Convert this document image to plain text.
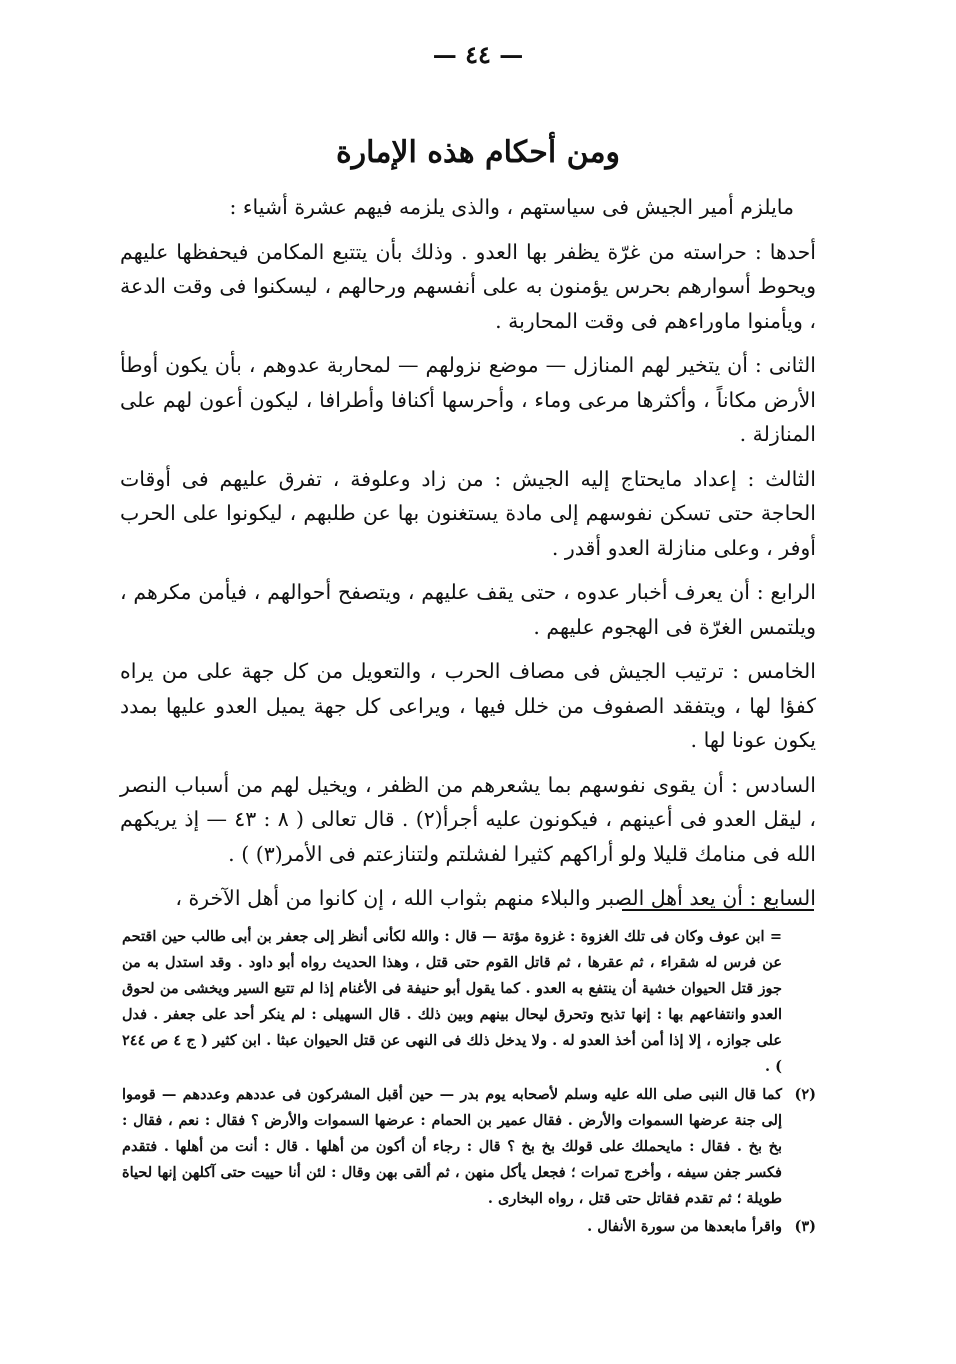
— ٤٤ —
ومن أحكام هذه الإمارة

مايلزم أمير الجيش فى سياستهم ، والذى يلزمه فيهم عشرة أشياء :

أحدها : حراسته من غرّة يظفر بها العدو . وذلك بأن يتتبع المكامن فيحفظها عليهم ويحوط أسوارهم بحرس يؤمنون به على أنفسهم ورحالهم ، ليسكنوا فى وقت الدعة ، ويأمنوا ماوراءهم فى وقت المحاربة .

الثانى : أن يتخير لهم المنازل — موضع نزولهم — لمحاربة عدوهم ، بأن يكون أوطأ الأرض مكاناً ، وأكثرها مرعى وماء ، وأحرسها أكنافا وأطرافا ، ليكون أعون لهم على المنازلة .

الثالث : إعداد مايحتاج إليه الجيش : من زاد وعلوفة ، تفرق عليهم فى أوقات الحاجة حتى تسكن نفوسهم إلى مادة يستغنون بها عن طلبهم ، ليكونوا على الحرب أوفر ، وعلى منازلة العدو أقدر .

الرابع : أن يعرف أخبار عدوه ، حتى يقف عليهم ، ويتصفح أحوالهم ، فيأمن مكرهم ، ويلتمس الغرّة فى الهجوم عليهم .

الخامس : ترتيب الجيش فى مصاف الحرب ، والتعويل من كل جهة على من يراه كفؤا لها ، ويتفقد الصفوف من خلل فيها ، ويراعى كل جهة يميل العدو عليها بمدد يكون عونا لها .

السادس : أن يقوى نفوسهم بما يشعرهم من الظفر ، ويخيل لهم من أسباب النصر ، ليقل العدو فى أعينهم ، فيكونون عليه أجرأ(٢) . قال تعالى ( ٨ : ٤٣ — إذ يريكهم الله فى منامك قليلا ولو أراكهم كثيرا لفشلتم ولتنازعتم فى الأمر(٣) ) .

السابع : أن يعد أهل الصبر والبلاء منهم بثواب الله ، إن كانوا من أهل الآخرة ،

= ابن عوف وكان فى تلك الغزوة : غزوة مؤتة — قال : والله لكأنى أنظر إلى جعفر بن أبى طالب حين اقتحم عن فرس له شقراء ، ثم عقرها ، ثم قاتل القوم حتى قتل ، وهذا الحديث رواه أبو داود . وقد استدل به من جوز قتل الحيوان خشية أن ينتفع به العدو . كما يقول أبو حنيفة فى الأغنام إذا لم تتبع السير ويخشى من لحوق العدو وانتفاعهم بها : إنها تذبح وتحرق ليحال بينهم وبين ذلك . قال السهيلى : لم ينكر أحد على جعفر . فدل على جوازه ، إلا إذا أمن أخذ العدو له . ولا يدخل ذلك فى النهى عن قتل الحيوان عبثا . ابن كثير ( ج ٤ ص ٢٤٤ ) .
(٢)
كما قال النبى صلى الله عليه وسلم لأصحابه يوم بدر — حين أقبل المشركون فى عددهم وعددهم — قوموا إلى جنة عرضها السموات والأرض . فقال عمير بن الحمام : عرضها السموات والأرض ؟ فقال : نعم ، فقال : بخ بخ . فقال : مايحملك على قولك بخ بخ ؟ قال : رجاء أن أكون من أهلها . قال : أنت من أهلها . فتقدم فكسر جفن سيفه ، وأخرج تمرات ؛ فجعل يأكل منهن ، ثم ألقى بهن وقال : لئن أنا حييت حتى آكلهن إنها لحياة طويلة ؛ ثم تقدم فقاتل حتى قتل ، رواه البخارى .
(٣)
واقرأ مابعدها من سورة الأنفال .
